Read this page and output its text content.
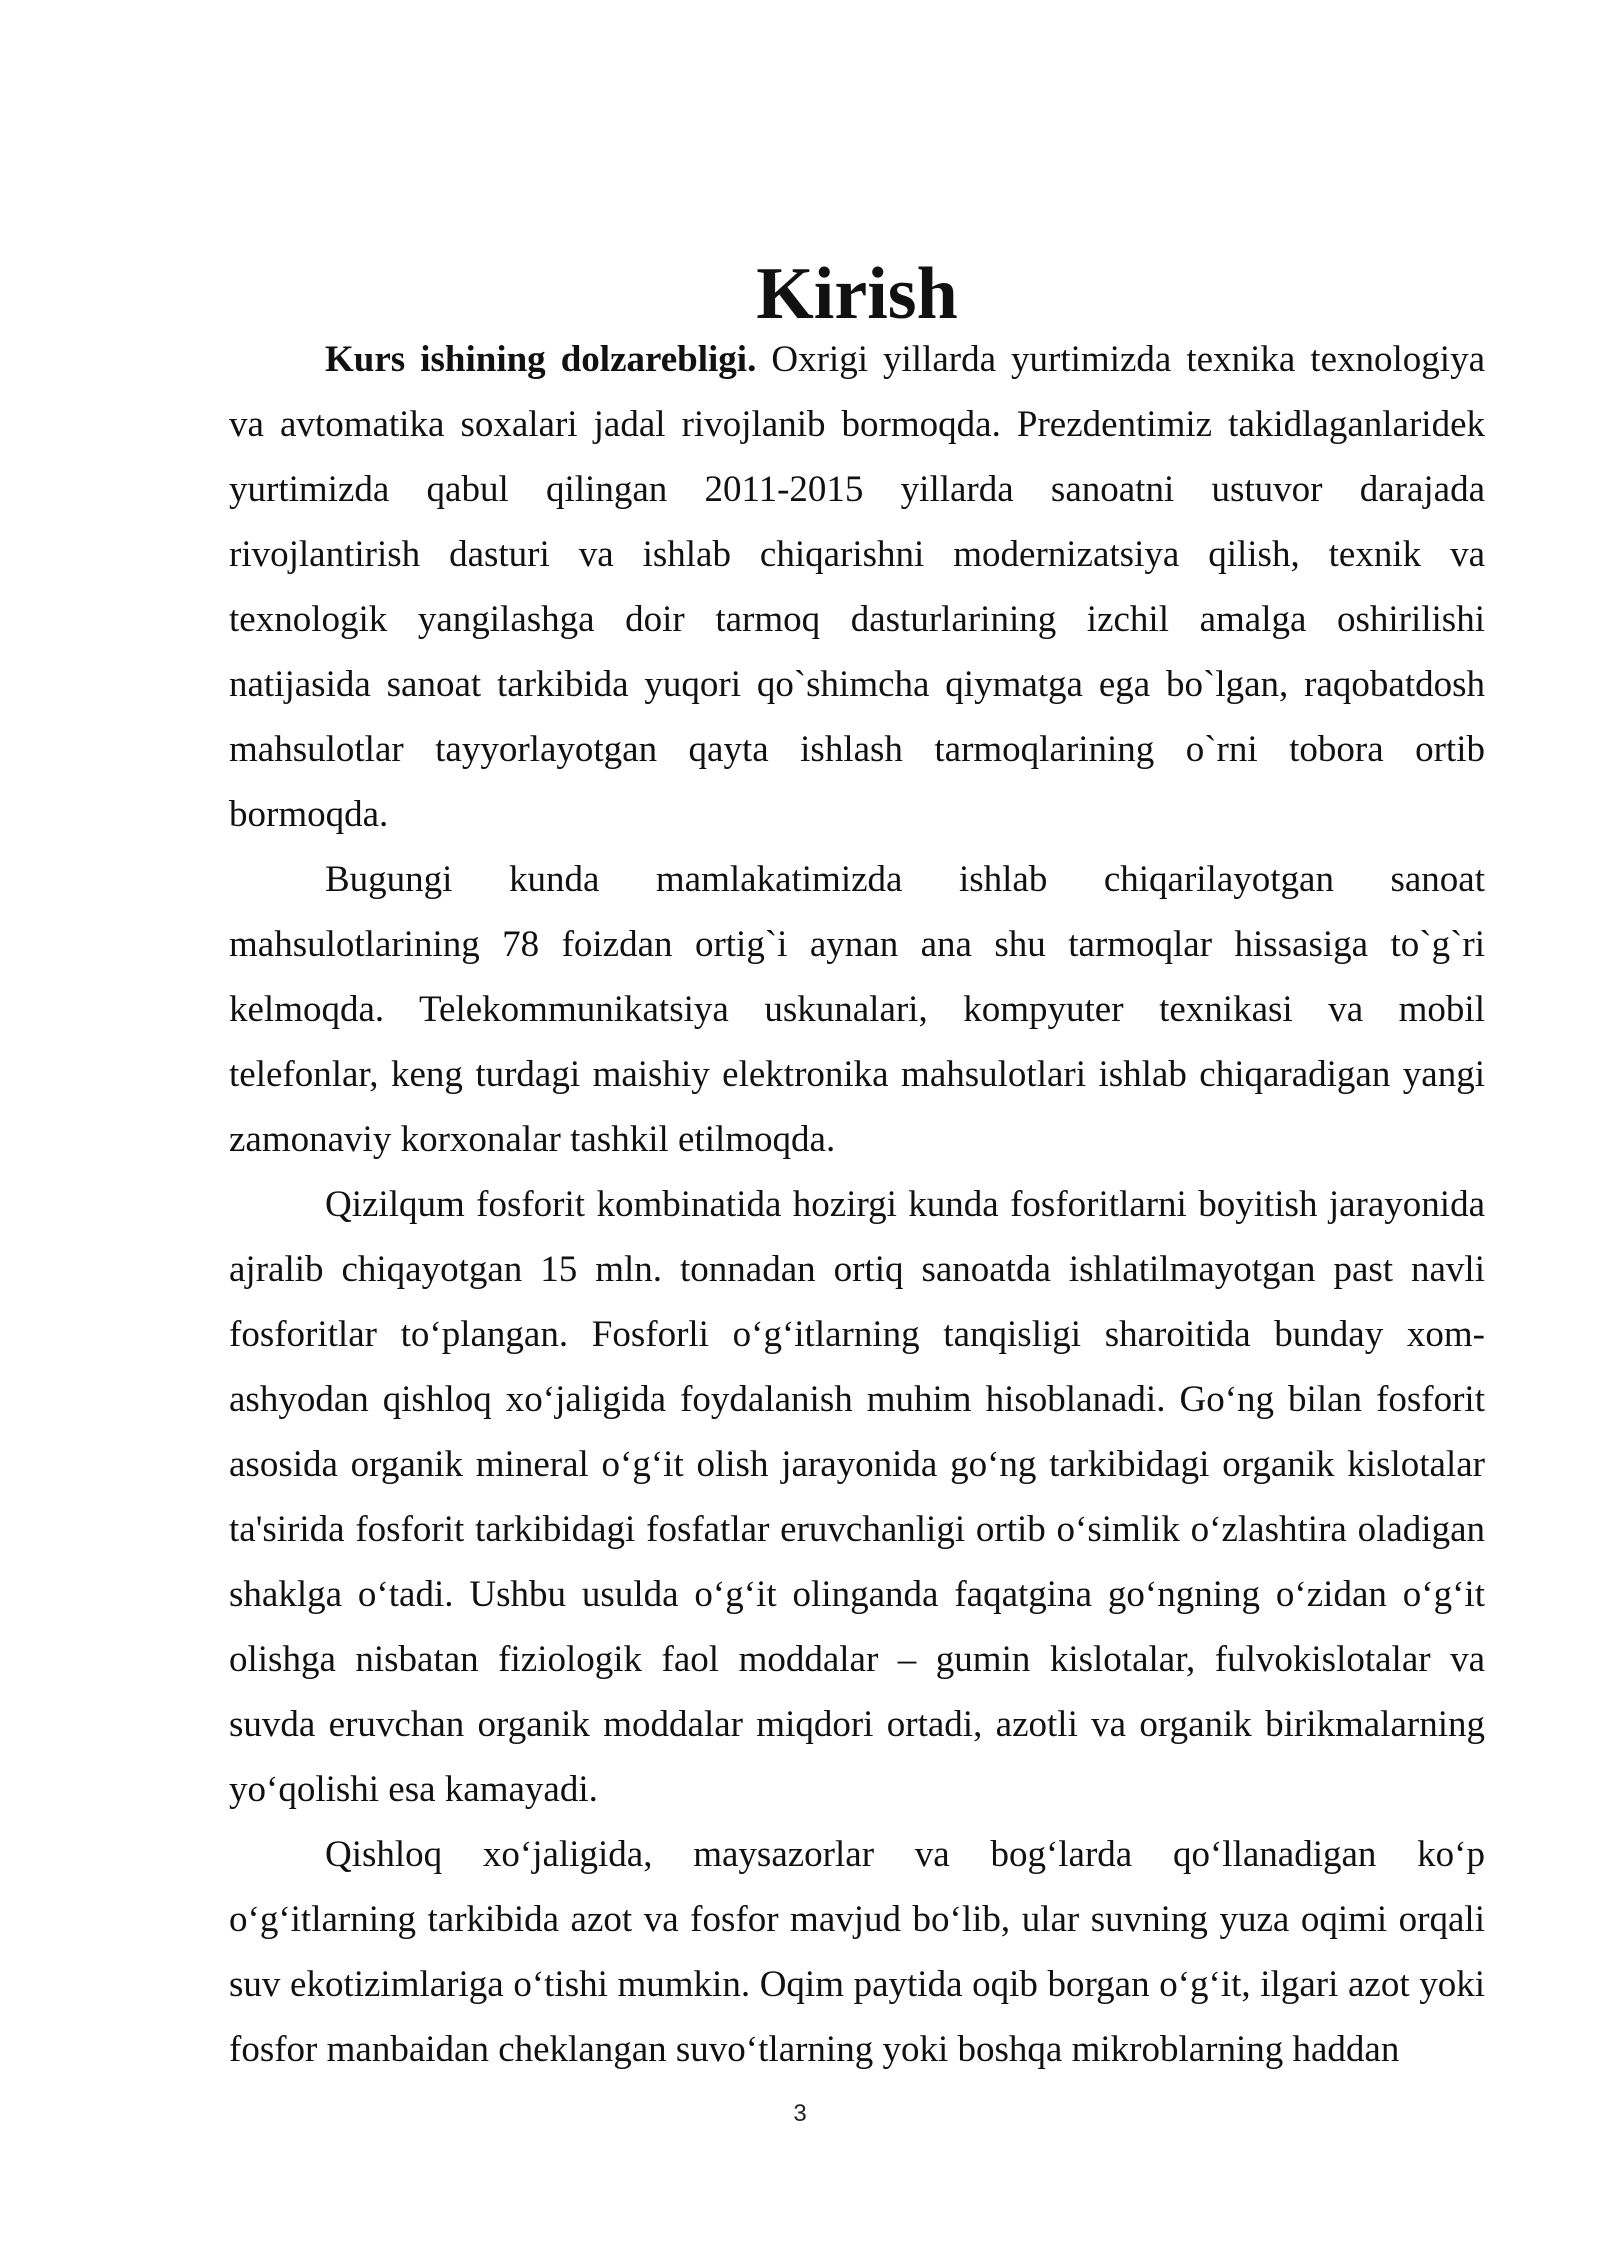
Kirish

Kurs ishining dolzarebligi. Oxrigi yillarda yurtimizda texnika texnologiya va avtomatika soxalari jadal rivojlanib bormoqda. Prezdentimiz takidlaganlaridek yurtimizda qabul qilingan 2011-2015 yillarda sanoatni ustuvor darajada rivojlantirish dasturi va ishlab chiqarishni modernizatsiya qilish, texnik va texnologik yangilashga doir tarmoq dasturlarining izchil amalga oshirilishi natijasida sanoat tarkibida yuqori qo`shimcha qiymatga ega bo`lgan, raqobatdosh mahsulotlar tayyorlayotgan qayta ishlash tarmoqlarining o`rni tobora ortib bormoqda.

Bugungi kunda mamlakatimizda ishlab chiqarilayotgan sanoat mahsulotlarining 78 foizdan ortig`i aynan ana shu tarmoqlar hissasiga to`g`ri kelmoqda. Telekommunikatsiya uskunalari, kompyuter texnikasi va mobil telefonlar, keng turdagi maishiy elektronika mahsulotlari ishlab chiqaradigan yangi zamonaviy korxonalar tashkil etilmoqda.

Qizilqum fosforit kombinatida hozirgi kunda fosforitlarni boyitish jarayonida ajralib chiqayotgan 15 mln. tonnadan ortiq sanoatda ishlatilmayotgan past navli fosforitlar to‘plangan. Fosforli o‘g‘itlarning tanqisligi sharoitida bunday xom-ashyodan qishloq xo‘jaligida foydalanish muhim hisoblanadi. Go‘ng bilan fosforit asosida organik mineral o‘g‘it olish jarayonida go‘ng tarkibidagi organik kislotalar ta'sirida fosforit tarkibidagi fosfatlar eruvchanligi ortib o‘simlik o‘zlashtira oladigan shaklga o‘tadi. Ushbu usulda o‘g‘it olinganda faqatgina go‘ngning o‘zidan o‘g‘it olishga nisbatan fiziologik faol moddalar – gumin kislotalar, fulvokislotalar va suvda eruvchan organik moddalar miqdori ortadi, azotli va organik birikmalarning yo‘qolishi esa kamayadi.

Qishloq xo‘jaligida, maysazorlar va bog‘larda qo‘llanadigan ko‘p o‘g‘itlarning tarkibida azot va fosfor mavjud bo‘lib, ular suvning yuza oqimi orqali suv ekotizimlariga o‘tishi mumkin. Oqim paytida oqib borgan o‘g‘it, ilgari azot yoki fosfor manbaidan cheklangan suvo‘tlarning yoki boshqa mikroblarning haddan

3
